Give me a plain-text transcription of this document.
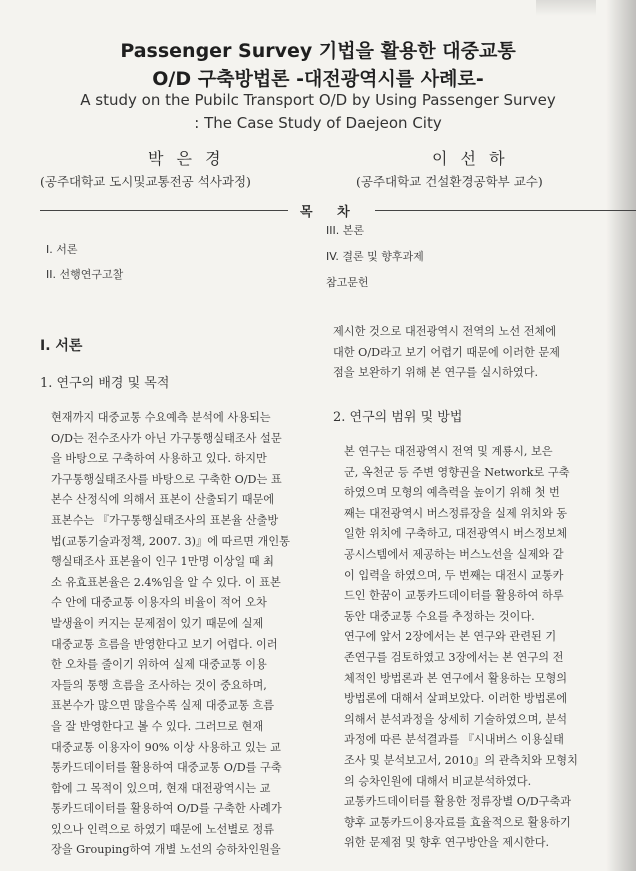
Passenger Survey 기법을 활용한 대중교통
O/D 구축방법론 -대전광역시를 사례로-
A study on the Pubilc Transport O/D by Using Passenger Survey
: The Case Study of Daejeon City
박 은 경
(공주대학교 도시및교통전공 석사과정)
이 선 하
(공주대학교 건설환경공학부 교수)
목 차
I. 서론
II. 선행연구고찰
III. 본론
IV. 결론 및 향후과제
참고문헌
I. 서론
1. 연구의 배경 및 목적

현재까지 대중교통 수요예측 분석에 사용되는
O/D는 전수조사가 아닌 가구통행실태조사 설문
을 바탕으로 구축하여 사용하고 있다. 하지만
가구통행실태조사를 바탕으로 구축한 O/D는 표
본수 산정식에 의해서 표본이 산출되기 때문에
표본수는 『가구통행실태조사의 표본율 산출방
법(교통기술과정책, 2007. 3)』에 따르면 개인통
행실태조사 표본율이 인구 1만명 이상일 때 최
소 유효표본율은 2.4%임을 알 수 있다. 이 표본
수 안에 대중교통 이용자의 비율이 적어 오차
발생율이 커지는 문제점이 있기 때문에 실제
대중교통 흐름을 반영한다고 보기 어렵다. 이러
한 오차를 줄이기 위하여 실제 대중교통 이용
자들의 통행 흐름을 조사하는 것이 중요하며,
표본수가 많으면 많을수록 실제 대중교통 흐름
을 잘 반영한다고 볼 수 있다. 그러므로 현재
대중교통 이용자이 90% 이상 사용하고 있는 교
통카드데이터를 활용하여 대중교통 O/D를 구축
함에 그 목적이 있으며, 현재 대전광역시는 교
통카드데이터를 활용하여 O/D를 구축한 사례가
있으나 인력으로 하였기 때문에 노선별로 정류
장을 Grouping하여 개별 노선의 승하차인원을

제시한 것으로 대전광역시 전역의 노선 전체에
대한 O/D라고 보기 어렵기 때문에 이러한 문제
점을 보완하기 위해 본 연구를 실시하였다.

2. 연구의 범위 및 방법

본 연구는 대전광역시 전역 및 계룡시, 보은
군, 옥천군 등 주변 영향권을 Network로 구축
하였으며 모형의 예측력을 높이기 위해 첫 번
째는 대전광역시 버스정류장을 실제 위치와 동
일한 위치에 구축하고, 대전광역시 버스정보체
공시스템에서 제공하는 버스노선을 실제와 같
이 입력을 하였으며, 두 번째는 대전시 교통카
드인 한꿈이 교통카드데이터를 활용하여 하루
동안 대중교통 수요를 추정하는 것이다.

연구에 앞서 2장에서는 본 연구와 관련된 기
존연구를 검토하였고 3장에서는 본 연구의 전
체적인 방법론과 본 연구에서 활용하는 모형의
방법론에 대해서 살펴보았다. 이러한 방법론에
의해서 분석과정을 상세히 기술하였으며, 분석
과정에 따른 분석결과를 『시내버스 이용실태
조사 및 분석보고서, 2010』의 관측치와 모형치
의 승차인원에 대해서 비교분석하였다.

교통카드데이터를 활용한 정류장별 O/D구축과
향후 교통카드이용자료를 효율적으로 활용하기
위한 문제점 및 향후 연구방안을 제시한다.
